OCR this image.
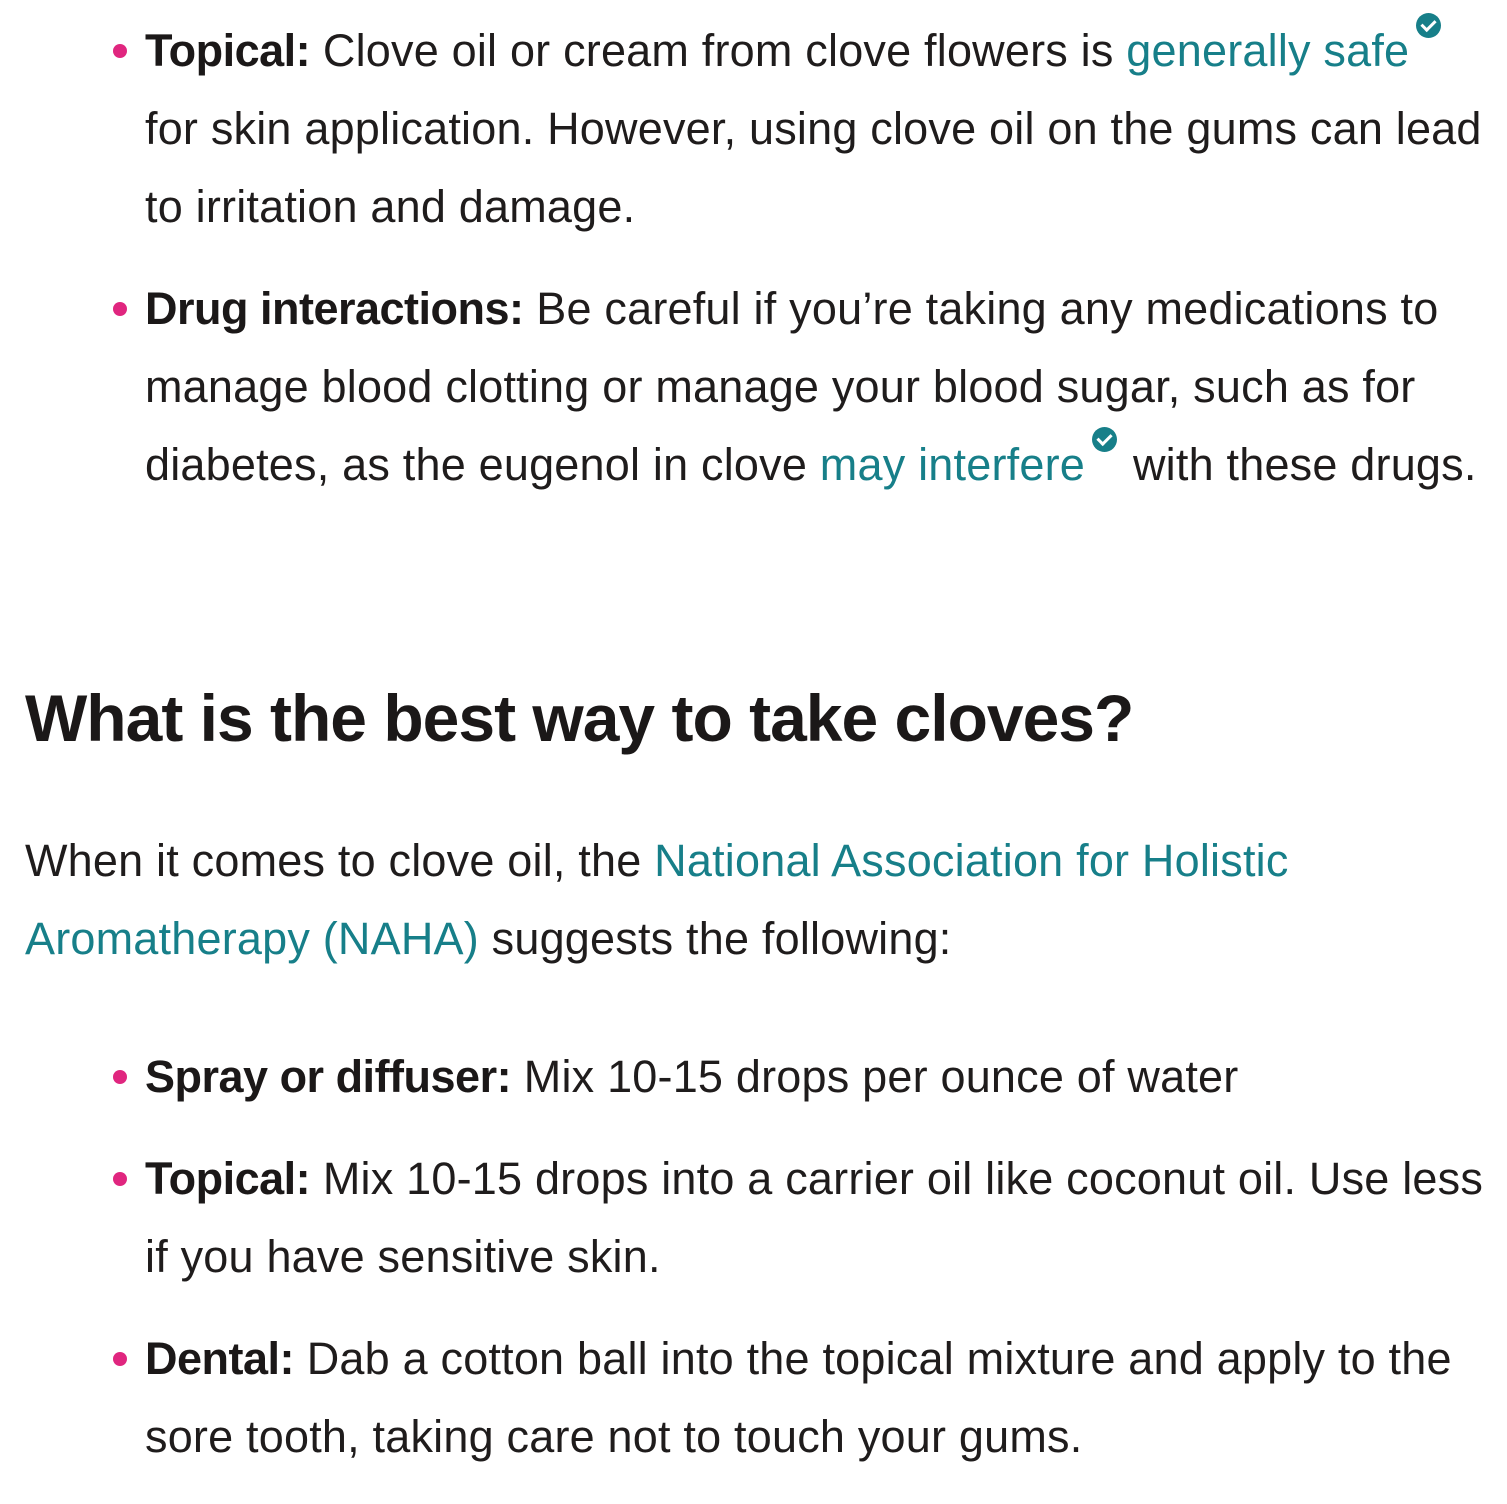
Topical: Clove oil or cream from clove flowers is generally safefor skin application. However, using clove oil on the gums can lead to irritation and damage.
Drug interactions: Be careful if you’re taking any medications to manage blood clotting or manage your blood sugar, such as for diabetes, as the eugenol in clove may interfere with these drugs.
What is the best way to take cloves?

When it comes to clove oil, the National Association for Holistic Aromatherapy (NAHA) suggests the following:

Spray or diffuser: Mix 10-15 drops per ounce of water
Topical: Mix 10-15 drops into a carrier oil like coconut oil. Use less if you have sensitive skin.
Dental: Dab a cotton ball into the topical mixture and apply to the sore tooth, taking care not to touch your gums.
